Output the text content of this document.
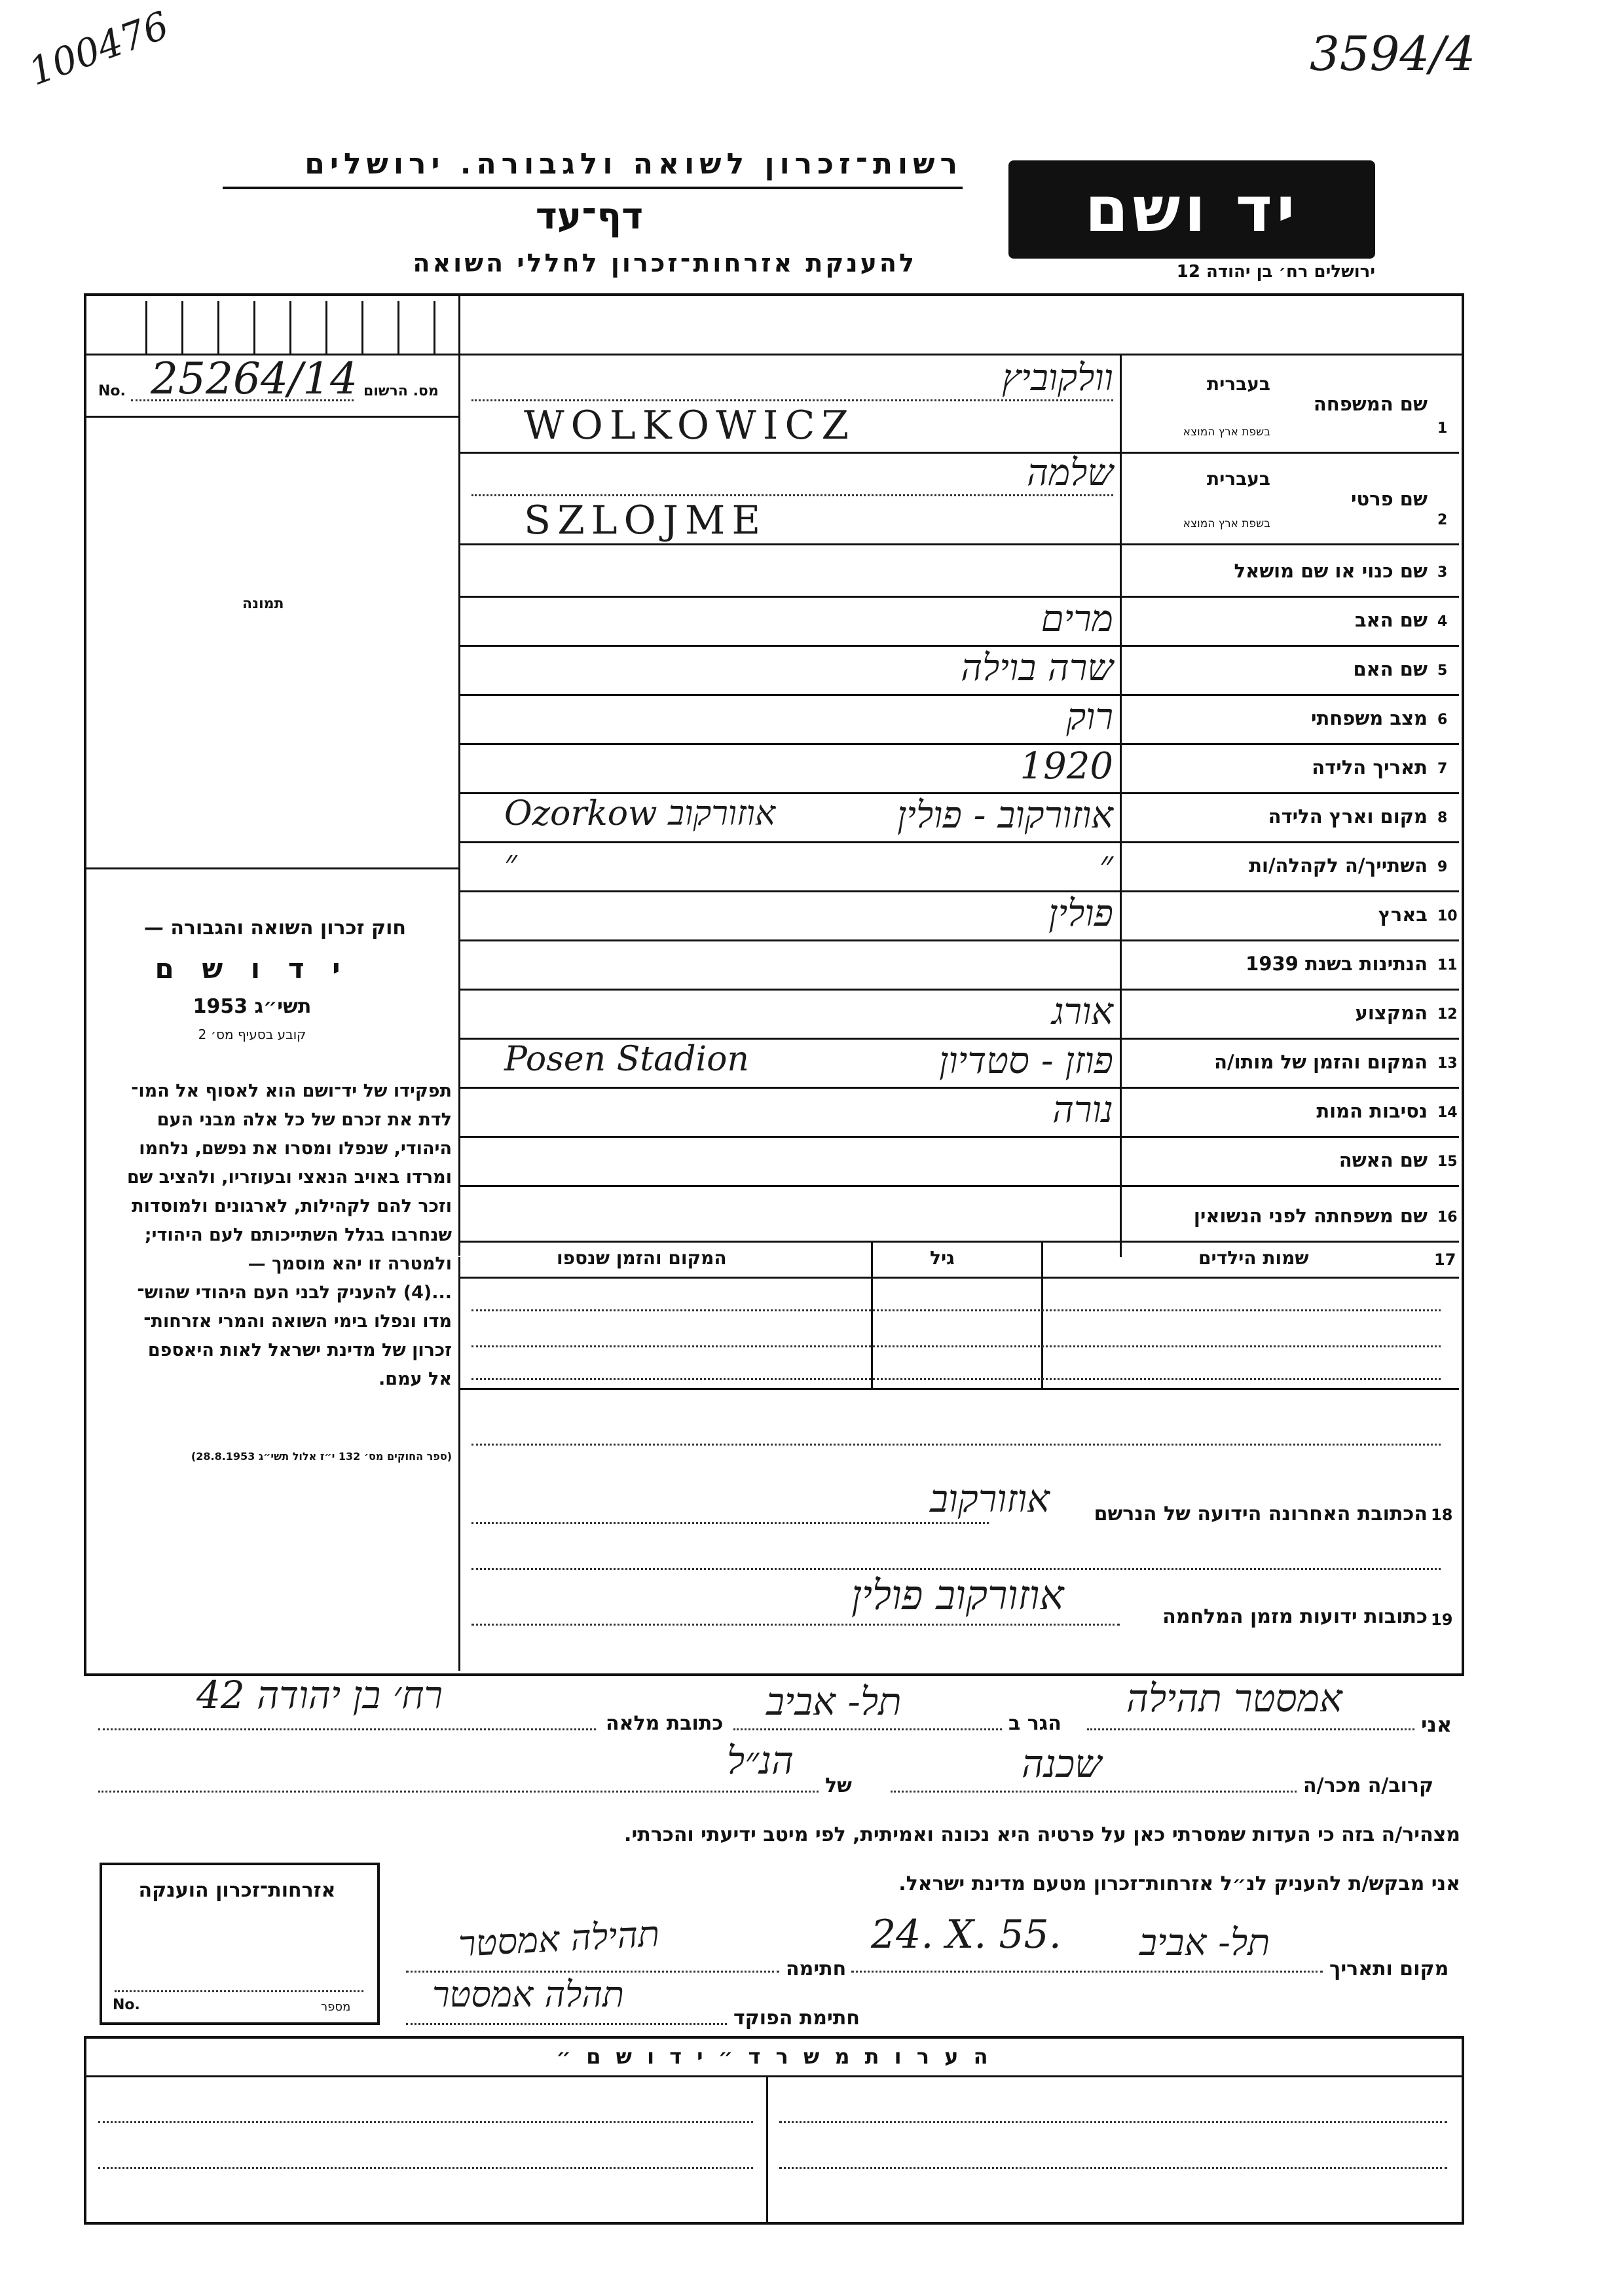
100476	3594/4
רשות־זכרון לשואה ולגבורה. ירושלים
דף־עד
להענקת אזרחות־זכרון לחללי השואה
יד ושם
ירושלים רח׳ בן יהודה 12
No. 25264/14 מס. הרשום
תמונה
חוק זכרון השואה והגבורה —
י ד ו ש ם
תשי״ג 1953
קובע בסעיף מס׳ 2
תפקידו של יד־ושם הוא לאסוף אל המו־
לדת את זכרם של כל אלה מבני העם
היהודי, שנפלו ומסרו את נפשם, נלחמו
ומרדו באויב הנאצי ובעוזריו, ולהציב שם
וזכר להם לקהילות, לארגונים ולמוסדות
שנחרבו בגלל השתייכותם לעם היהודי;
ולמטרה זו יהא מוסמך —
...(4) להעניק לבני העם היהודי שהוש־
מדו ונפלו בימי השואה והמרי אזרחות־
זכרון של מדינת ישראל לאות היאספם
אל עמם.
(ספר החוקים מס׳ 132 י״ז אלול תשי״ג 28.8.1953)
1
שם המשפחה
בעברית
בשפת ארץ המוצא
WOLKOWICZ
וולקוביץ
2
שם פרטי
בעברית
בשפת ארץ המוצא
SZLOJME
שלמה
3
שם כנוי או שם מושאל
4
שם האב
מרים
5
שם האם
שרה בוילה
6
מצב משפחתי
רוק
7
תאריך הלידה
1920
8
מקום וארץ הלידה
אוזורקוב - פולין
Ozorkow אוזורקוב
9
השתייך/ה לקהלה/ות
״
״
10
בארץ
פולין
11
הנתינות בשנת 1939
12
המקצוע
אורג
13
המקום והזמן של מותו/ה
פוזן - סטדיון
Posen Stadion
14
נסיבות המות
נורה
15
שם האשה
16
שם משפחתה לפני הנשואין
17
שמות הילדים
גיל
המקום והזמן שנספו
18
הכתובת האחרונה הידועה של הנרשם
אוזורקוב
19
כתובות ידועות מזמן המלחמה
אוזורקוב פולין
אני
אמסטר תהילה
הגר ב
תל- אביב
כתובת מלאה
רח׳ בן יהודה 42
קרוב/ה מכר/ה
שכנה
של
הנ״ל
מצהיר/ה בזה כי העדות שמסרתי כאן על פרטיה היא נכונה ואמיתית, לפי מיטב ידיעתי והכרתי.
אני מבקש/ת להעניק לנ״ל אזרחות־זכרון מטעם מדינת ישראל.
מקום ותאריך
תל- אביב
24. X. 55.
חתימה
תהילה אמסטר
חתימת הפוקד
תהלה אמסטר
אזרחות־זכרון הוענקה
No.	מספר
ה ע ר ו ת מ ש ר ד ״ י ד ו ש ם ״
